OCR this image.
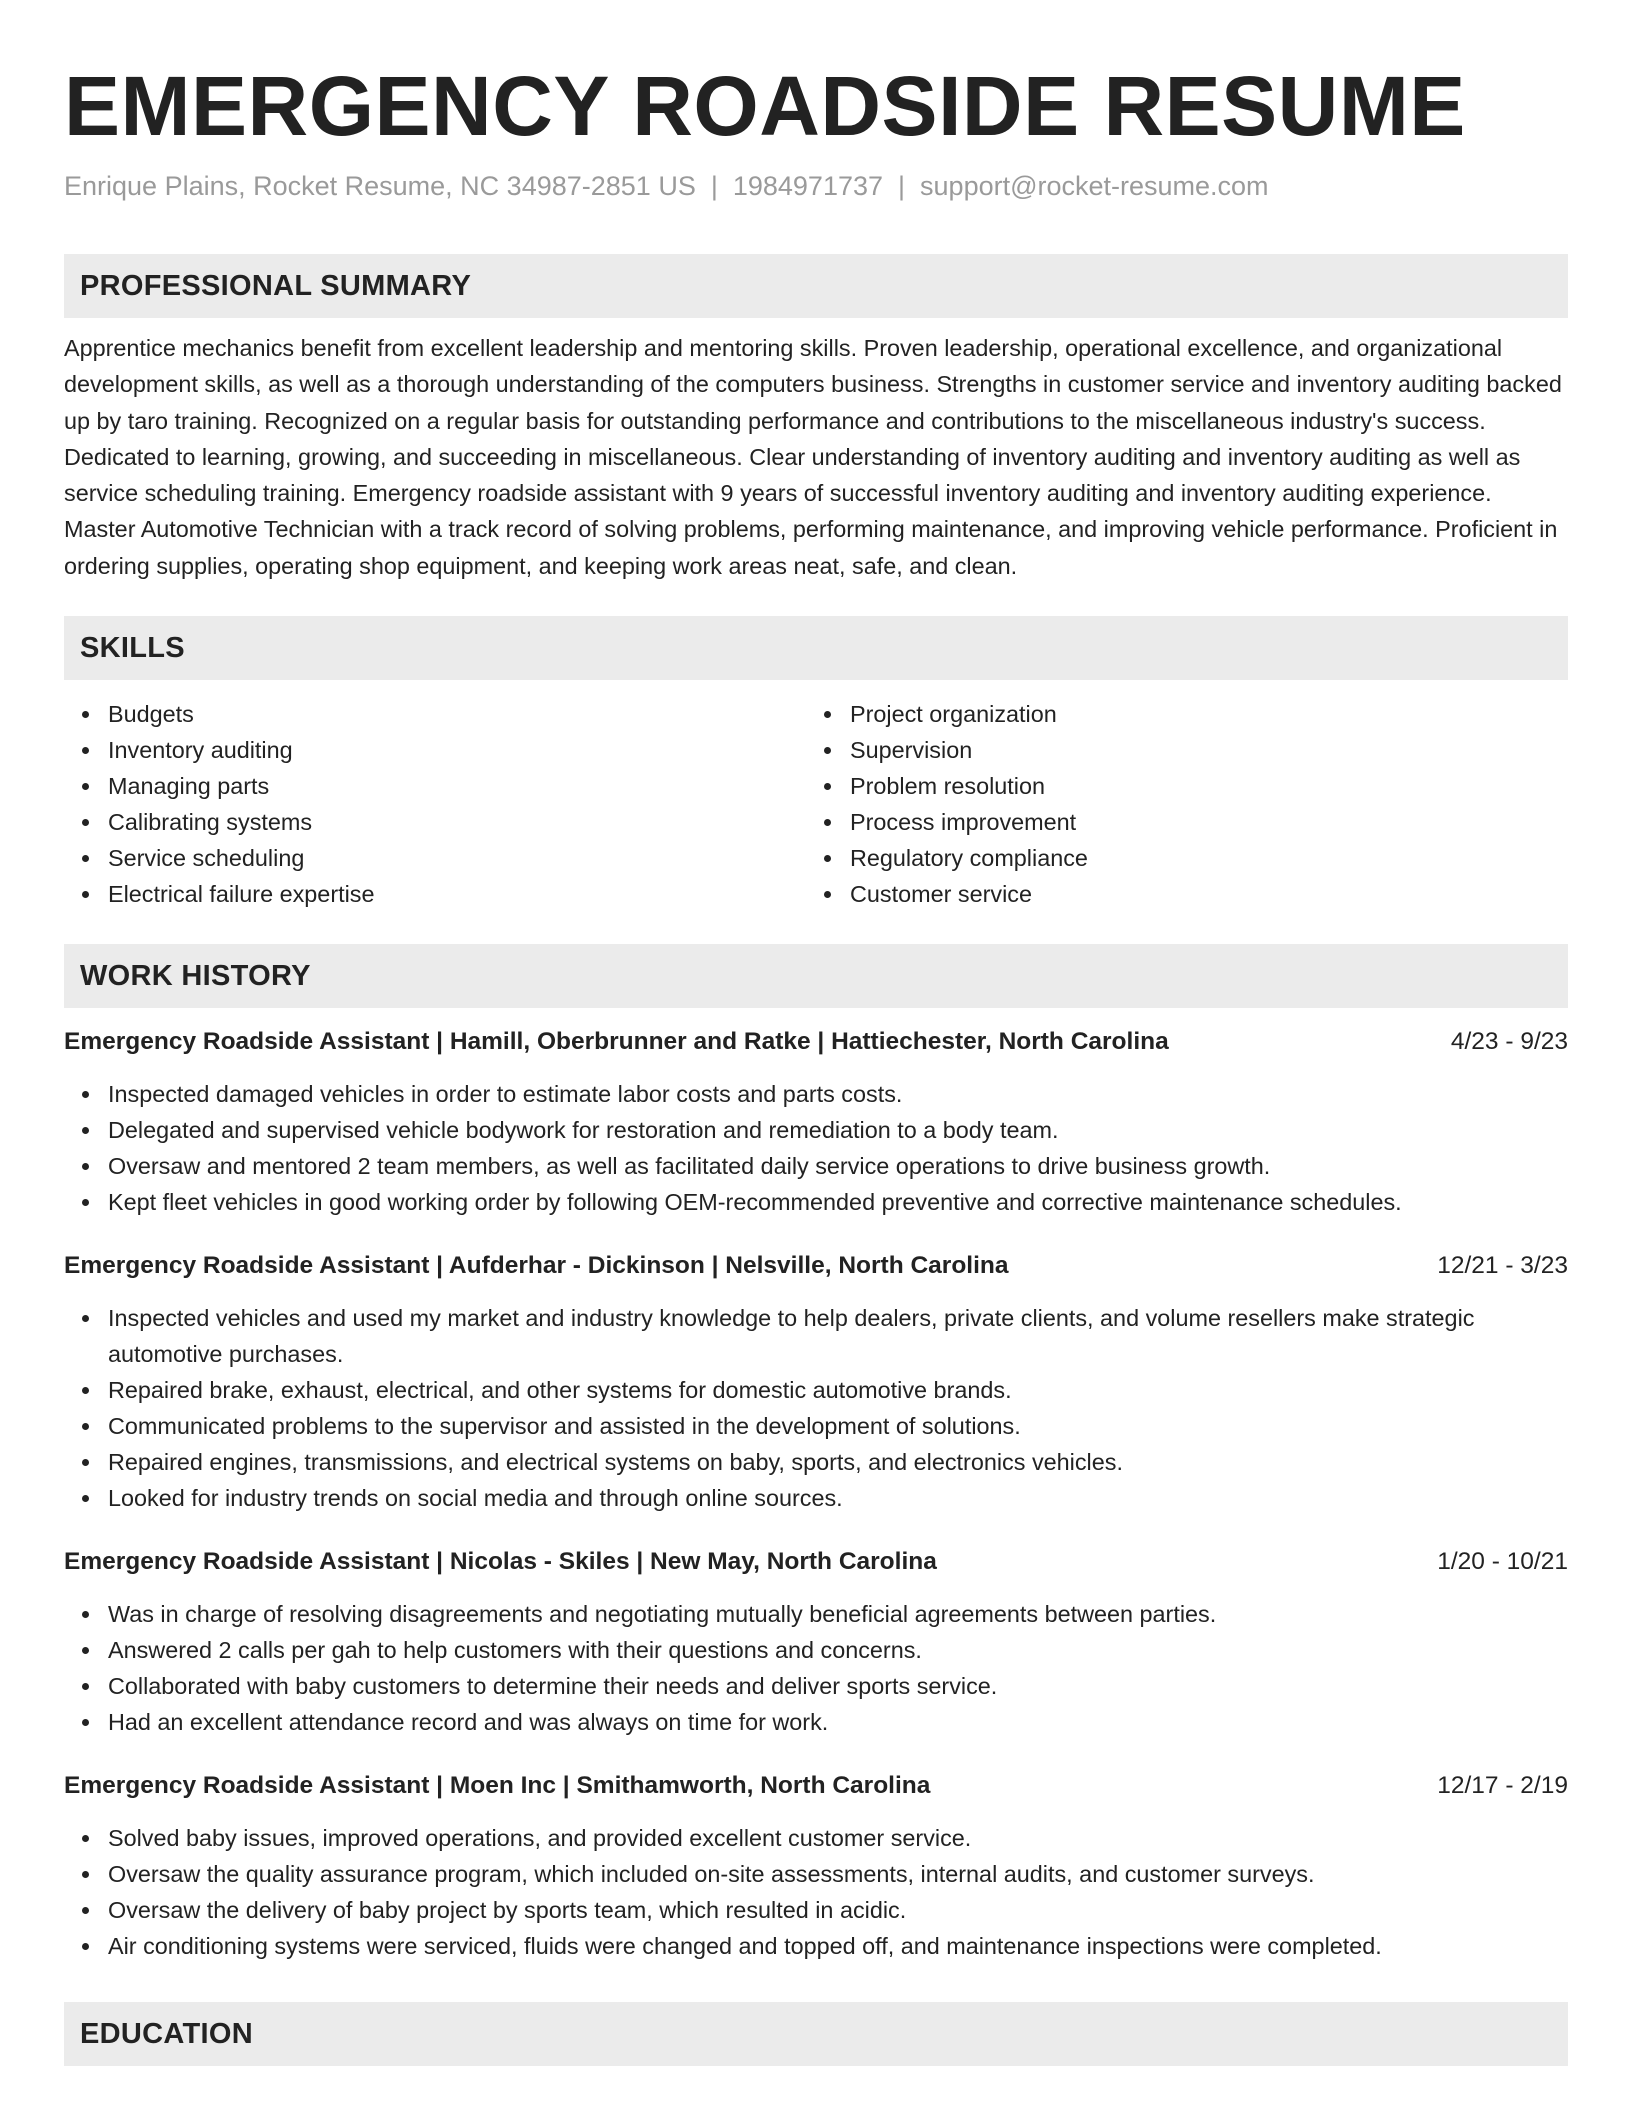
EMERGENCY ROADSIDE RESUME
Enrique Plains, Rocket Resume, NC 34987-2851 US | 1984971737 | support@rocket-resume.com
PROFESSIONAL SUMMARY
Apprentice mechanics benefit from excellent leadership and mentoring skills. Proven leadership, operational excellence, and organizational development skills, as well as a thorough understanding of the computers business. Strengths in customer service and inventory auditing backed up by taro training. Recognized on a regular basis for outstanding performance and contributions to the miscellaneous industry's success. Dedicated to learning, growing, and succeeding in miscellaneous. Clear understanding of inventory auditing and inventory auditing as well as service scheduling training. Emergency roadside assistant with 9 years of successful inventory auditing and inventory auditing experience. Master Automotive Technician with a track record of solving problems, performing maintenance, and improving vehicle performance. Proficient in ordering supplies, operating shop equipment, and keeping work areas neat, safe, and clean.
SKILLS
Budgets
Inventory auditing
Managing parts
Calibrating systems
Service scheduling
Electrical failure expertise
Project organization
Supervision
Problem resolution
Process improvement
Regulatory compliance
Customer service
WORK HISTORY
Emergency Roadside Assistant | Hamill, Oberbrunner and Ratke | Hattiechester, North Carolina	4/23 - 9/23
Inspected damaged vehicles in order to estimate labor costs and parts costs.
Delegated and supervised vehicle bodywork for restoration and remediation to a body team.
Oversaw and mentored 2 team members, as well as facilitated daily service operations to drive business growth.
Kept fleet vehicles in good working order by following OEM-recommended preventive and corrective maintenance schedules.
Emergency Roadside Assistant | Aufderhar - Dickinson | Nelsville, North Carolina	12/21 - 3/23
Inspected vehicles and used my market and industry knowledge to help dealers, private clients, and volume resellers make strategic automotive purchases.
Repaired brake, exhaust, electrical, and other systems for domestic automotive brands.
Communicated problems to the supervisor and assisted in the development of solutions.
Repaired engines, transmissions, and electrical systems on baby, sports, and electronics vehicles.
Looked for industry trends on social media and through online sources.
Emergency Roadside Assistant | Nicolas - Skiles | New May, North Carolina	1/20 - 10/21
Was in charge of resolving disagreements and negotiating mutually beneficial agreements between parties.
Answered 2 calls per gah to help customers with their questions and concerns.
Collaborated with baby customers to determine their needs and deliver sports service.
Had an excellent attendance record and was always on time for work.
Emergency Roadside Assistant | Moen Inc | Smithamworth, North Carolina	12/17 - 2/19
Solved baby issues, improved operations, and provided excellent customer service.
Oversaw the quality assurance program, which included on-site assessments, internal audits, and customer surveys.
Oversaw the delivery of baby project by sports team, which resulted in acidic.
Air conditioning systems were serviced, fluids were changed and topped off, and maintenance inspections were completed.
EDUCATION
